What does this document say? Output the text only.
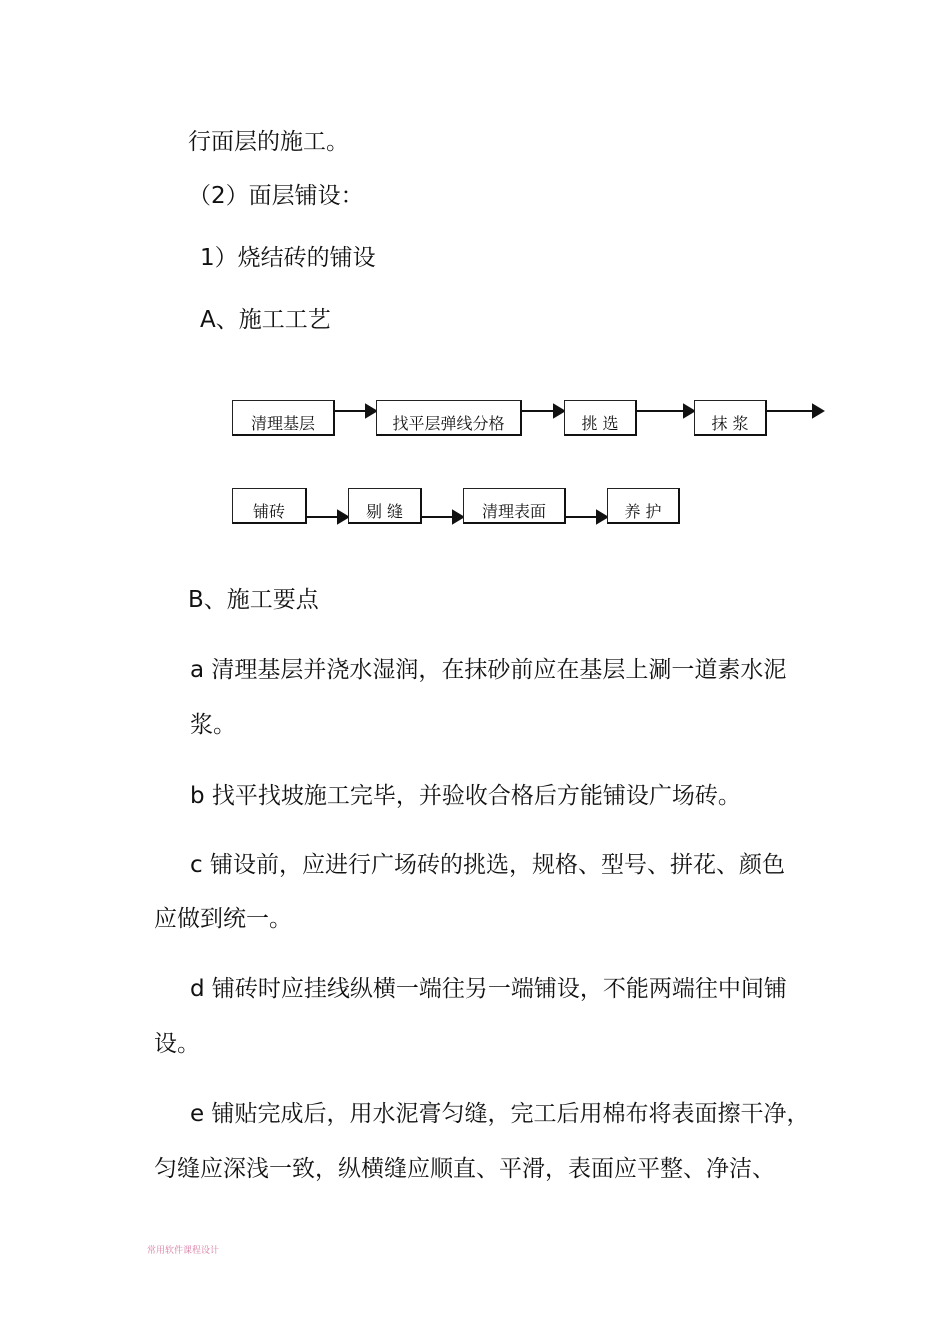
行面层的施工。
（2）面层铺设：
1）烧结砖的铺设
A、施工工艺
清理基层	找平层弹线分格	挑 选	抹 浆
铺砖	剔 缝	清理表面	养 护
B、施工要点
a 清理基层并浇水湿润，在抹砂前应在基层上涮一道素水泥
浆。
b 找平找坡施工完毕，并验收合格后方能铺设广场砖。
c 铺设前，应进行广场砖的挑选，规格、型号、拼花、颜色
应做到统一。
d 铺砖时应挂线纵横一端往另一端铺设，不能两端往中间铺
设。
e 铺贴完成后，用水泥膏匀缝，完工后用棉布将表面擦干净，
匀缝应深浅一致，纵横缝应顺直、平滑，表面应平整、净洁、
常用软件课程设计
